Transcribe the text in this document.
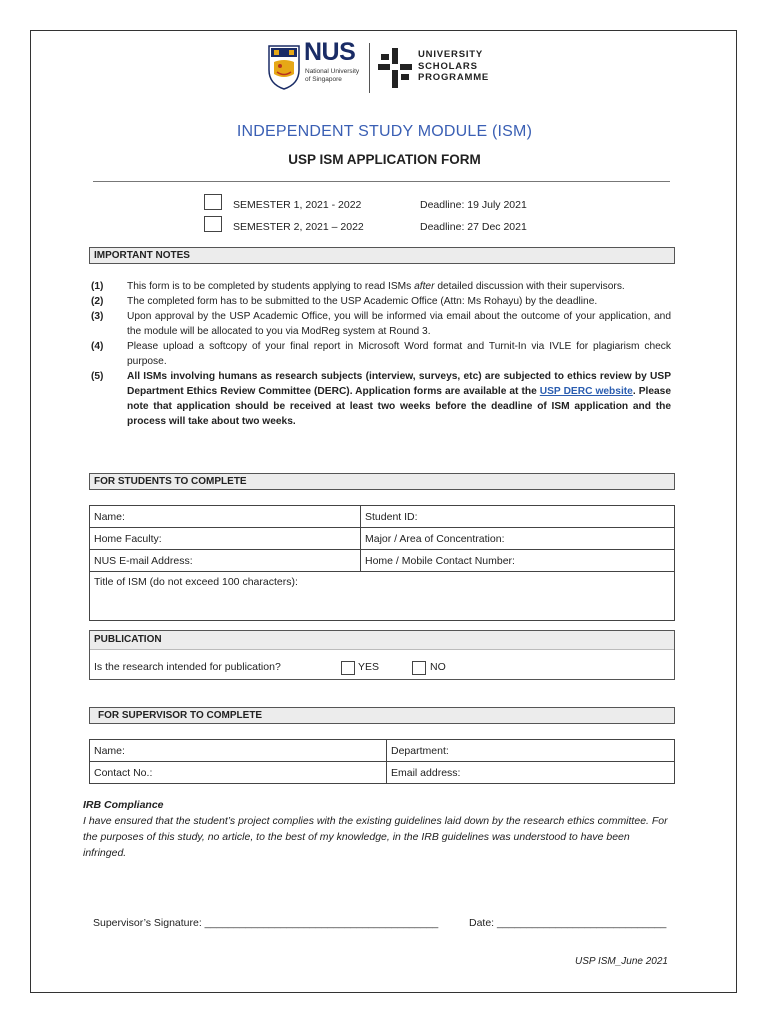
NUS
National University
of Singapore
UNIVERSITY
SCHOLARS
PROGRAMME
INDEPENDENT STUDY MODULE (ISM)
USP ISM APPLICATION FORM
SEMESTER 1, 2021 - 2022	Deadline: 19 July 2021
SEMESTER 2, 2021 – 2022	Deadline: 27 Dec 2021
IMPORTANT NOTES
(1) This form is to be completed by students applying to read ISMs after detailed discussion with their supervisors.
(2) The completed form has to be submitted to the USP Academic Office (Attn: Ms Rohayu) by the deadline.
(3) Upon approval by the USP Academic Office, you will be informed via email about the outcome of your application, and the module will be allocated to you via ModReg system at Round 3.
(4) Please upload a softcopy of your final report in Microsoft Word format and Turnit-In via IVLE for plagiarism check purpose.
(5) All ISMs involving humans as research subjects (interview, surveys, etc) are subjected to ethics review by USP Department Ethics Review Committee (DERC). Application forms are available at the USP DERC website. Please note that application should be received at least two weeks before the deadline of ISM application and the process will take about two weeks.
FOR STUDENTS TO COMPLETE
Name:	Student ID:
Home Faculty:	Major / Area of Concentration:
NUS E-mail Address:	Home / Mobile Contact Number:
Title of ISM (do not exceed 100 characters):	
PUBLICATION
Is the research intended for publication?	YES	NO
FOR SUPERVISOR TO COMPLETE
Name:	Department:
Contact No.:	Email address:
IRB Compliance
I have ensured that the student’s project complies with the existing guidelines laid down by the research ethics committee. For the purposes of this study, no article, to the best of my knowledge, in the IRB guidelines was understood to have been infringed.
Supervisor’s Signature: ________________________________________	Date: _____________________________
USP ISM_June 2021
